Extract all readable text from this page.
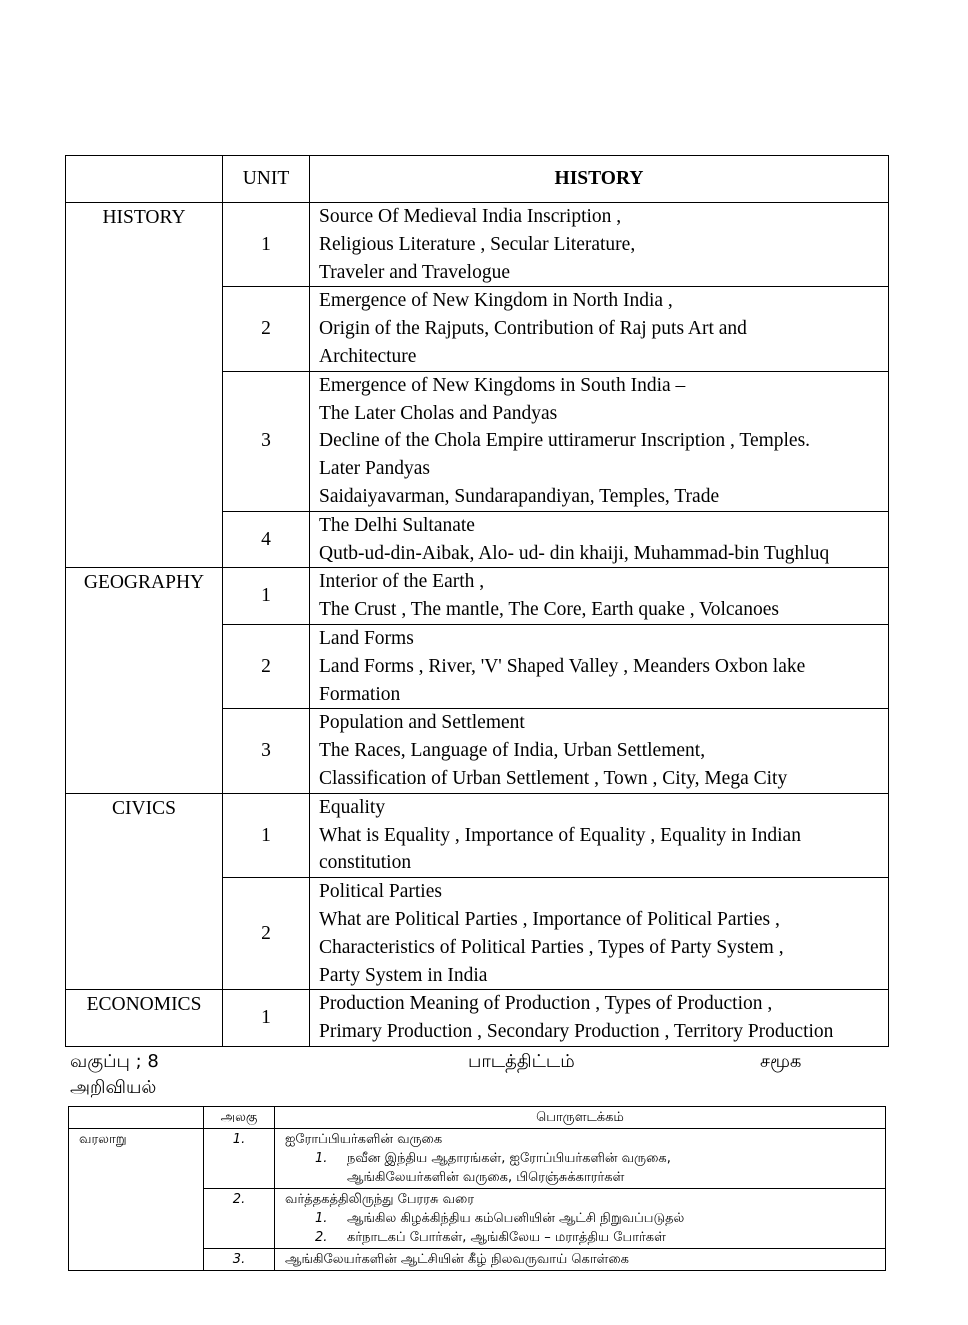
	UNIT	HISTORY
HISTORY	1	Source Of Medieval India Inscription ,
Religious Literature , Secular Literature,
Traveler and Travelogue

	2	Emergence of New Kingdom in North India ,
Origin of the Rajputs, Contribution of Raj puts Art and
Architecture

	3	Emergence of New Kingdoms in South India –
The Later Cholas and Pandyas
Decline of the Chola Empire uttiramerur Inscription , Temples.
Later Pandyas
Saidaiyavarman, Sundarapandiyan, Temples, Trade

	4	The Delhi Sultanate
Qutb-ud-din-Aibak, Alo- ud- din khaiji, Muhammad-bin Tughluq

GEOGRAPHY	1	Interior of the Earth ,
The Crust , The mantle, The Core, Earth quake , Volcanoes

	2	Land Forms
Land Forms , River, 'V' Shaped Valley , Meanders Oxbon lake
Formation

	3	Population and Settlement
The Races, Language of India, Urban Settlement,
Classification of Urban Settlement , Town , City, Mega City

CIVICS	1	Equality
What is Equality , Importance of Equality , Equality in Indian
constitution

	2	Political Parties
What are Political Parties , Importance of Political Parties ,
Characteristics of Political Parties , Types of Party System ,
Party System in India

ECONOMICS	1	Production Meaning of Production , Types of Production ,
Primary Production , Secondary Production , Territory Production
வகுப்பு ; 8	பாடத்திட்டம்	சமூக
அறிவியல்
	அலகு	பொருளடக்கம்
வரலாறு	1.	ஐரோப்பியர்களின் வருகை
1. நவீன இந்திய ஆதாரங்கள், ஐரோப்பியர்களின் வருகை,
ஆங்கிலேயர்களின் வருகை, பிரெஞ்சுக்காரர்கள்

	2.	வர்த்தகத்திலிருந்து பேரரசு வரை
1. ஆங்கில கிழக்கிந்திய கம்பெனியின் ஆட்சி நிறுவப்படுதல்
2. கர்நாடகப் போர்கள், ஆங்கிலேய – மராத்திய போர்கள்

	3.	ஆங்கிலேயர்களின் ஆட்சியின் கீழ் நிலவருவாய் கொள்கை
